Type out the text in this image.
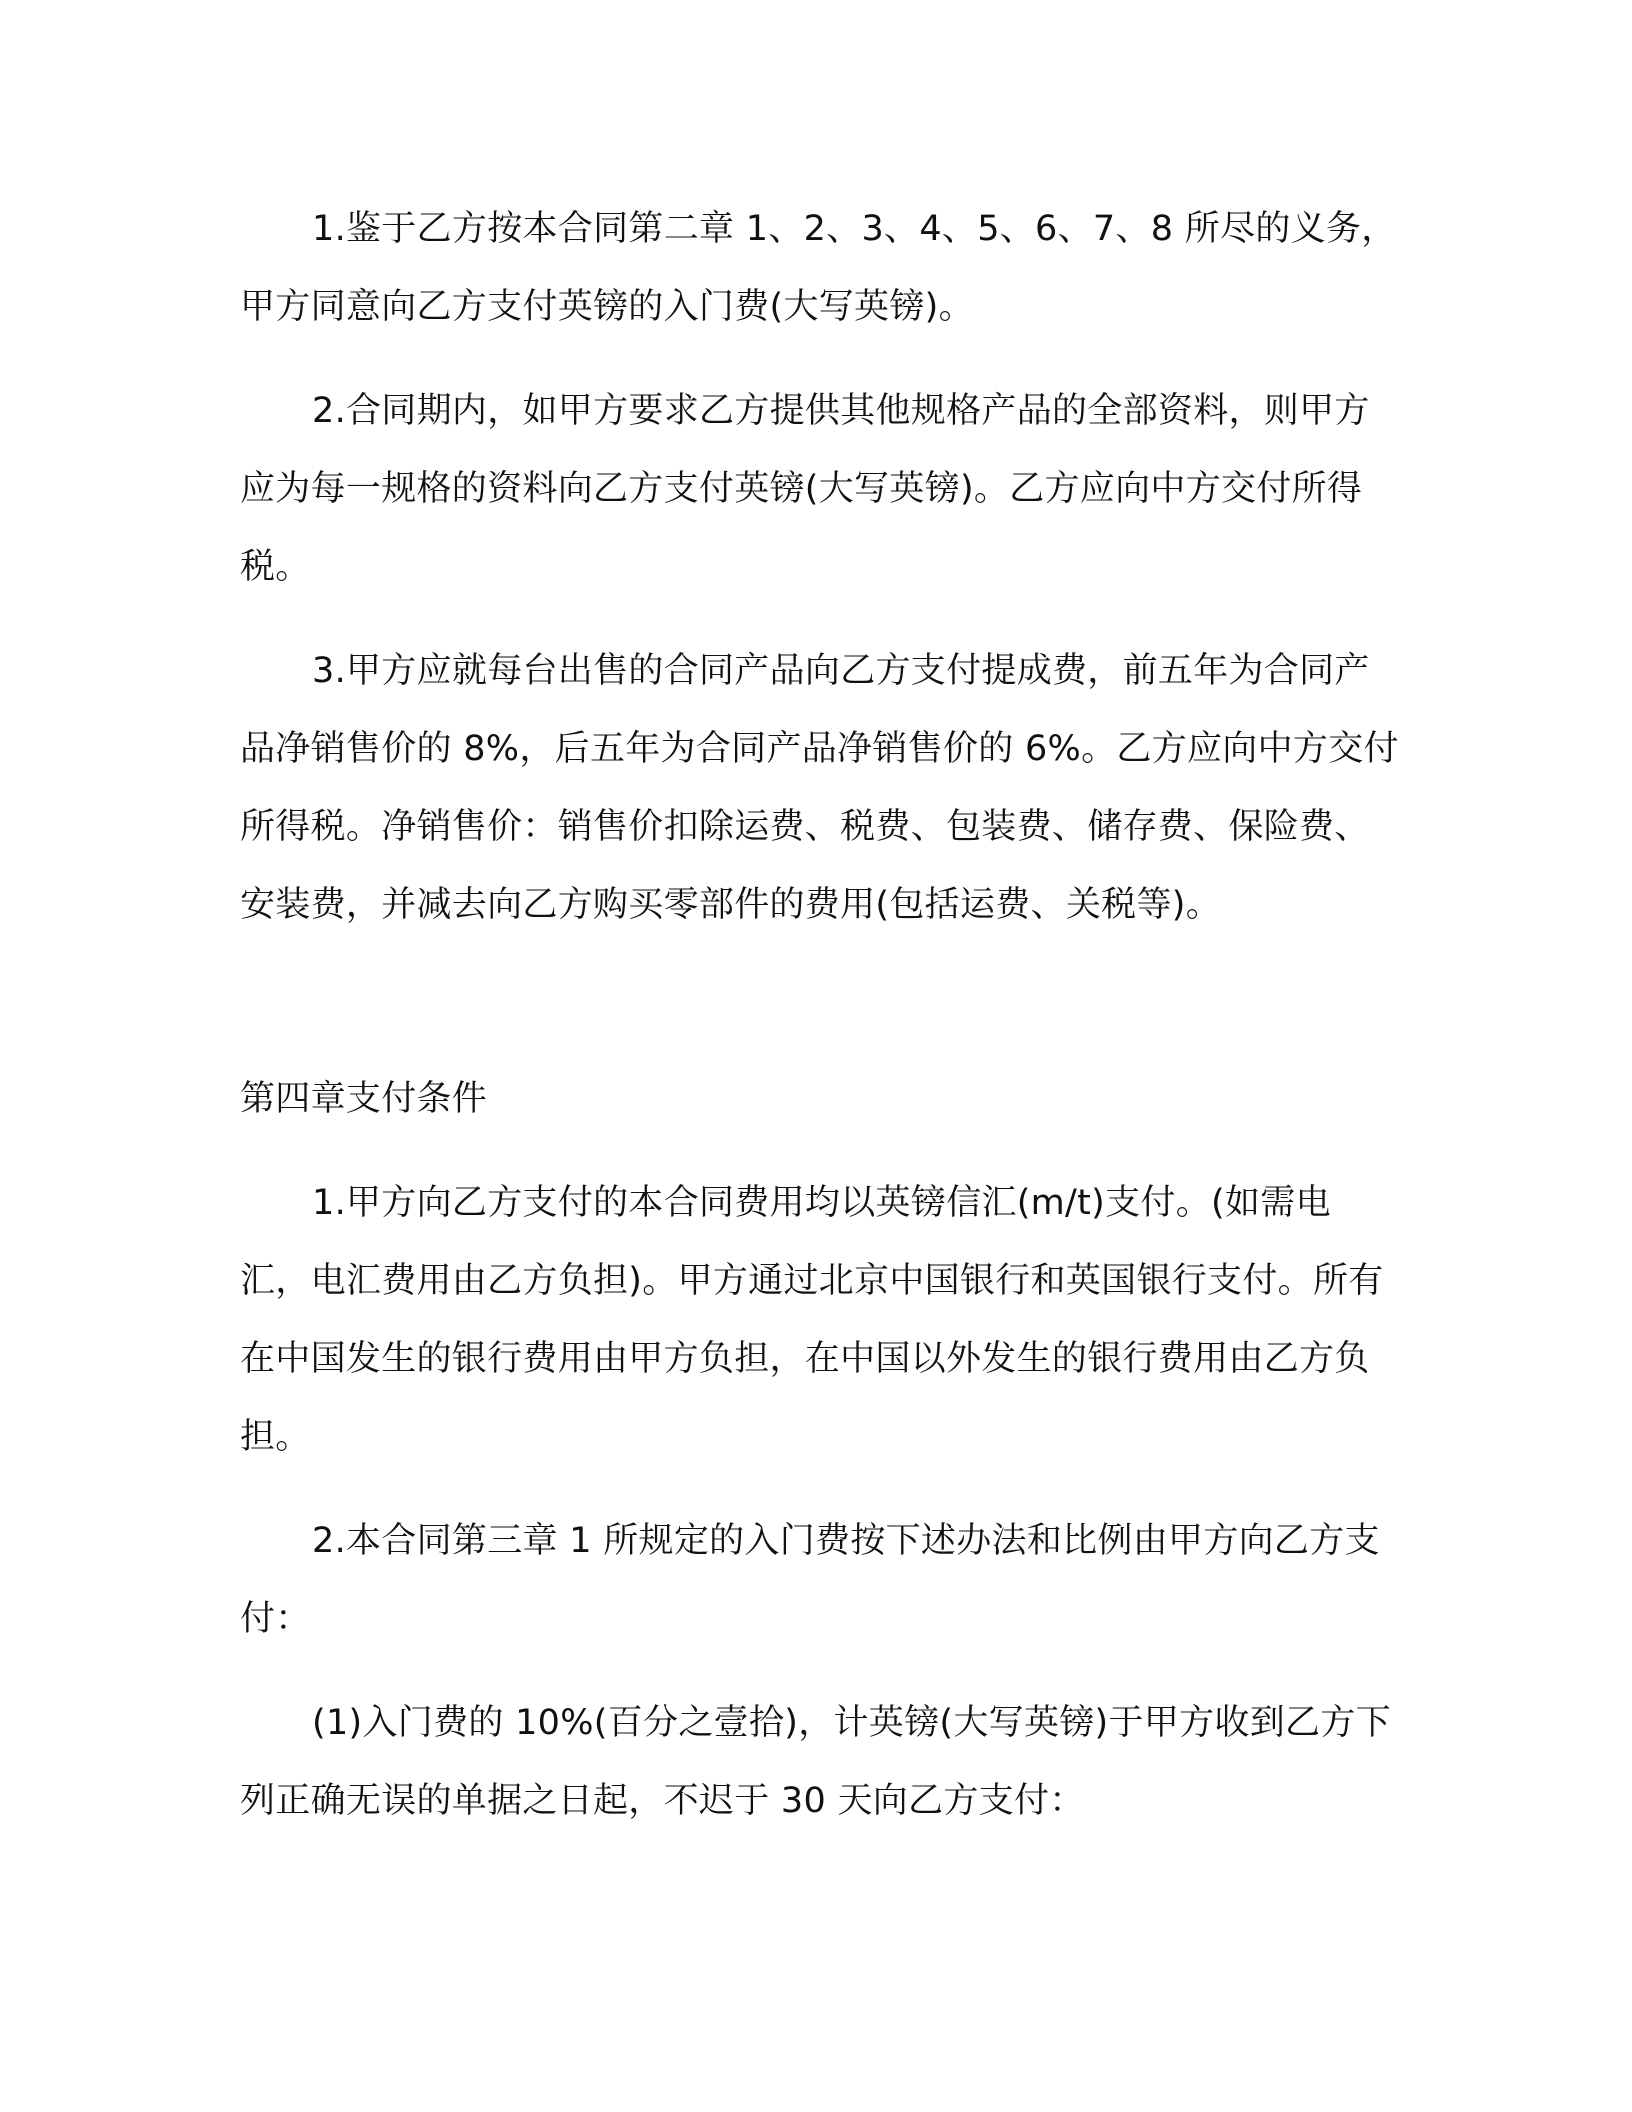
1.鉴于乙方按本合同第二章 1、2、3、4、5、6、7、8 所尽的义务，甲方同意向乙方支付英镑的入门费(大写英镑)。

2.合同期内，如甲方要求乙方提供其他规格产品的全部资料，则甲方应为每一规格的资料向乙方支付英镑(大写英镑)。乙方应向中方交付所得税。

3.甲方应就每台出售的合同产品向乙方支付提成费，前五年为合同产品净销售价的 8%，后五年为合同产品净销售价的 6%。乙方应向中方交付所得税。净销售价：销售价扣除运费、税费、包装费、储存费、保险费、安装费，并减去向乙方购买零部件的费用(包括运费、关税等)。

第四章支付条件

1.甲方向乙方支付的本合同费用均以英镑信汇(m/t)支付。(如需电汇，电汇费用由乙方负担)。甲方通过北京中国银行和英国银行支付。所有在中国发生的银行费用由甲方负担，在中国以外发生的银行费用由乙方负担。

2.本合同第三章 1 所规定的入门费按下述办法和比例由甲方向乙方支付：

(1)入门费的 10%(百分之壹拾)，计英镑(大写英镑)于甲方收到乙方下列正确无误的单据之日起，不迟于 30 天向乙方支付：
